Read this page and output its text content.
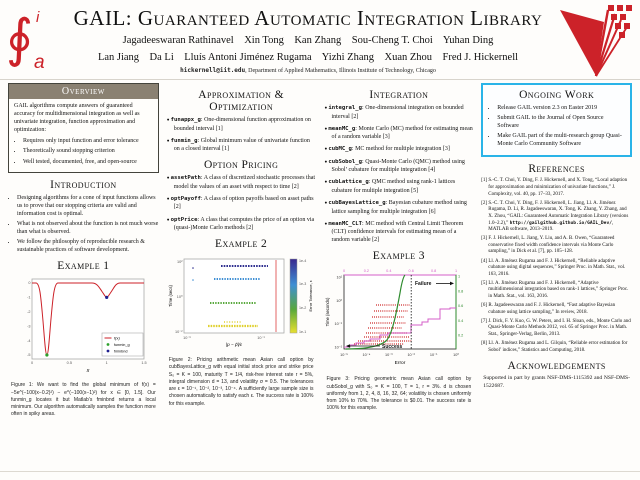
∮ i
a
GAIL: Guaranteed Automatic Integration Library
Jagadeeswaran Rathinavel    Xin Tong    Kan Zhang    Sou-Cheng T. Choi    Yuhan Ding
Lan Jiang    Da Li    Lluís Antoni Jiménez Rugama    Yizhi Zhang    Xuan Zhou    Fred J. Hickernell
hickernell@iit.edu, Department of Applied Mathematics, Illinois Institute of Technology, Chicago
Overview

GAIL algorithms compute answers of guaranteed accuracy for multidimensional integration as well as univariate integration, function approximation and optimization:

• Requires only input function and error tolerance
• Theoretically sound stopping criterion
• Well tested, documented, free, and open-source
Introduction
• Designing algorithms for a cone of input functions allows us to prove that our stopping criteria are valid and information cost is optimal.
• What is not observed about the function is not much worse than what is observed.
• We follow the philosophy of reproducible research & sustainable practices of software development.
Example 1
0
-1
-2
-3
-4
-5
0	0.5	1	1.5
x
f(x)
funmin_g
fminbnd
Figure 1: We want to find the global minimum of f(x) = −5e^(−100(x−0.2)²) − e^(−100(x−1)²) for x ∈ [0, 1.5]. Our funmin_g locates it but Matlab’s fminbnd returns a local minimum. Our algorithm automatically samples the function more often in spiky areas.
Approximation & Optimization
● funappx_g: One-dimensional function approximation on bounded interval [1]
● funmin_g: Global minimum value of univariate function on a closed interval [1]
Option Pricing
● assetPath: A class of discretized stochastic processes that model the values of an asset with respect to time [2]
● optPayoff: A class of option payoffs based on asset paths [2]
● optPrice: A class that computes the price of an option via (quasi-)Monte Carlo methods [2]
Example 2
10²
10⁰
10⁻²
10⁻⁶	10⁻¹
|p − p̂|/ε
Time (secs)
1e-4
1e-3
1e-2
1e-1
Error Tolerance, ε
Figure 2: Pricing arithmetic mean Asian call option by cubBayesLattice_g with equal initial stock price and strike price S₀ = K = 100, maturity T = 1/4, risk-free interest rate r = 5%, integral dimension d = 13, and volatility σ = 0.5. The tolerances are ε = 10⁻¹, 10⁻², 10⁻³, 10⁻⁴. A sufficiently large sample size is chosen automatically to satisfy each ε. The success rate is 100% for this example.
Integration
● integral_g: One-dimensional integration on bounded interval [2]
● meanMC_g: Monte Carlo (MC) method for estimating mean of a random variable [3]
● cubMC_g: MC method for multiple integration [3]
● cubSobol_g: Quasi-Monte Carlo (QMC) method using Sobol’ cubature for multiple integration [4]
● cubLattice_g: QMC method using rank-1 lattices cubature for multiple integration [5]
● cubBayesLattice_g: Bayesian cubature method using lattice sampling for multiple integration [6]
● meanMC_CLT: MC method with Central Limit Theorem (CLT) confidence intervals for estimating mean of a random variable [2]
Example 3
0	0.2	0.4	0.6	0.8	1
1
0.8
0.6
0.4
0.2
10¹
10⁰
10⁻¹
10⁻²
10⁻⁵	10⁻⁴	10⁻³	10⁻²	10⁻¹	10⁰
Error
Time (seconds)
Failure
Success
Figure 3: Pricing geometric mean Asian call option by cubSobol_g with S₀ = K = 100, T = 1, r = 3%. d is chosen uniformly from 1, 2, 4, 8, 16, 32, 64; volatility is chosen uniformly from 10% to 70%. The tolerance is $0.01. The success rate is 100% for this example.
Ongoing Work
• Release GAIL version 2.3 on Easter 2019
• Submit GAIL to the Journal of Open Source Software
• Make GAIL part of the multi-research group Quasi-Monte Carlo Community Software
References
[1] S.-C. T. Choi, Y. Ding, F. J. Hickernell, and X. Tong, “Local adaption for approximation and minimization of univariate functions,” J. Complexity, vol. 40, pp. 17–33, 2017.
[2] S.-C. T. Choi, Y. Ding, F. J. Hickernell, L. Jiang, Ll. A. Jiménez Rugama, D. Li, R. Jagadeeswaran, X. Tong, K. Zhang, Y. Zhang, and X. Zhou, “GAIL: Guaranteed Automatic Integration Library (versions 1.0–2.2),” http://gailgithub.github.io/GAIL_Dev/, MATLAB software, 2013–2019.
[3] F. J. Hickernell, L. Jiang, Y. Liu, and A. B. Owen, “Guaranteed conservative fixed width confidence intervals via Monte Carlo sampling,” in Dick et al. [7], pp. 105–128.
[4] Ll. A. Jiménez Rugama and F. J. Hickernell, “Reliable adaptive cubature using digital sequences,” Springer Proc. in Math. Stat., vol. 163, 2016.
[5] Ll. A. Jiménez Rugama and F. J. Hickernell, “Adaptive multidimensional integration based on rank-1 lattices,” Springer Proc. in Math. Stat., vol. 163, 2016.
[6] R. Jagadeeswaran and F. J. Hickernell, “Fast adaptive Bayesian cubature using lattice sampling,” In review, 2018.
[7] J. Dick, F. Y. Kuo, G. W. Peters, and I. H. Sloan, eds., Monte Carlo and Quasi-Monte Carlo Methods 2012, vol. 65 of Springer Proc. in Math. Stat., Springer-Verlag, Berlin, 2013.
[8] Ll. A. Jiménez Rugama and L. Gilquin, “Reliable error estimation for Sobol’ indices,” Statistics and Computing, 2018.
Acknowledgements
Supported in part by grants NSF-DMS-1115392 and NSF-DMS-1522687.
